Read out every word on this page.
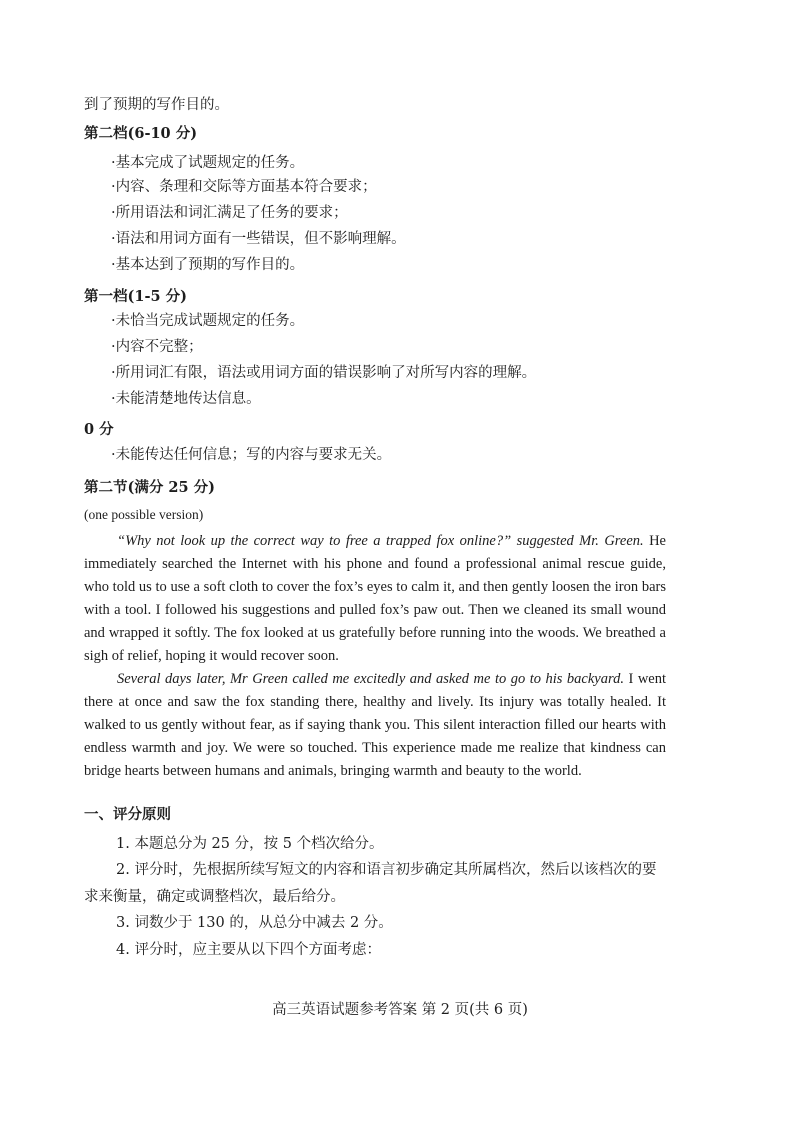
到了预期的写作目的。
第二档(6-10 分)
·基本完成了试题规定的任务。
·内容、条理和交际等方面基本符合要求；
·所用语法和词汇满足了任务的要求；
·语法和用词方面有一些错误，但不影响理解。
·基本达到了预期的写作目的。
第一档(1-5 分)
·未恰当完成试题规定的任务。
·内容不完整；
·所用词汇有限，语法或用词方面的错误影响了对所写内容的理解。
·未能清楚地传达信息。
0 分
·未能传达任何信息；写的内容与要求无关。
第二节(满分 25 分)
(one possible version)

“Why not look up the correct way to free a trapped fox online?” suggested Mr. Green. He immediately searched the Internet with his phone and found a professional animal rescue guide, who told us to use a soft cloth to cover the fox’s eyes to calm it, and then gently loosen the iron bars with a tool. I followed his suggestions and pulled fox’s paw out. Then we cleaned its small wound and wrapped it softly. The fox looked at us gratefully before running into the woods. We breathed a sigh of relief, hoping it would recover soon.

Several days later, Mr Green called me excitedly and asked me to go to his backyard. I went there at once and saw the fox standing there, healthy and lively. Its injury was totally healed. It walked to us gently without fear, as if saying thank you. This silent interaction filled our hearts with endless warmth and joy. We were so touched. This experience made me realize that kindness can bridge hearts between humans and animals, bringing warmth and beauty to the world.

一、评分原则
1. 本题总分为 25 分，按 5 个档次给分。
2. 评分时，先根据所续写短文的内容和语言初步确定其所属档次，然后以该档次的要求来衡量，确定或调整档次，最后给分。
3. 词数少于 130 的，从总分中减去 2 分。
4. 评分时，应主要从以下四个方面考虑：
高三英语试题参考答案 第 2 页(共 6 页)
